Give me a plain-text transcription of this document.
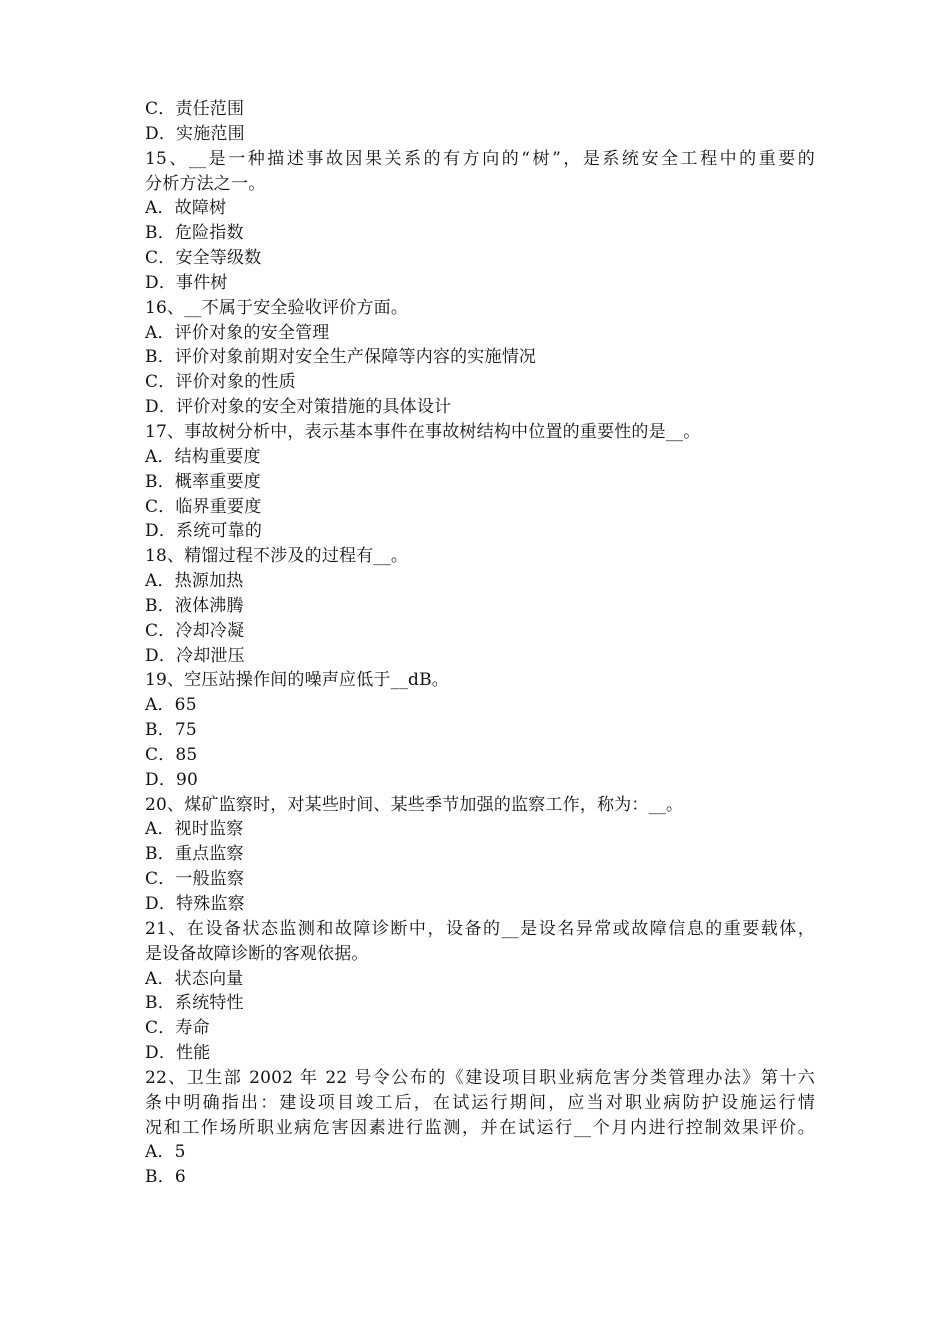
C．责任范围
D．实施范围
15、__是一种描述事故因果关系的有方向的“树”，是系统安全工程中的重要的
分析方法之一。
A．故障树
B．危险指数
C．安全等级数
D．事件树
16、__不属于安全验收评价方面。
A．评价对象的安全管理
B．评价对象前期对安全生产保障等内容的实施情况
C．评价对象的性质
D．评价对象的安全对策措施的具体设计
17、事故树分析中，表示基本事件在事故树结构中位置的重要性的是__。
A．结构重要度
B．概率重要度
C．临界重要度
D．系统可靠的
18、精馏过程不涉及的过程有__。
A．热源加热
B．液体沸腾
C．冷却冷凝
D．冷却泄压
19、空压站操作间的噪声应低于__dB。
A．65
B．75
C．85
D．90
20、煤矿监察时，对某些时间、某些季节加强的监察工作，称为：__。
A．视时监察
B．重点监察
C．一般监察
D．特殊监察
21、在设备状态监测和故障诊断中，设备的__是设名异常或故障信息的重要载体，
是设备故障诊断的客观依据。
A．状态向量
B．系统特性
C．寿命
D．性能
22、卫生部 2002 年 22 号令公布的《建设项目职业病危害分类管理办法》第十六
条中明确指出：建设项目竣工后，在试运行期间，应当对职业病防护设施运行情
况和工作场所职业病危害因素进行监测，并在试运行__个月内进行控制效果评价。
A．5
B．6
